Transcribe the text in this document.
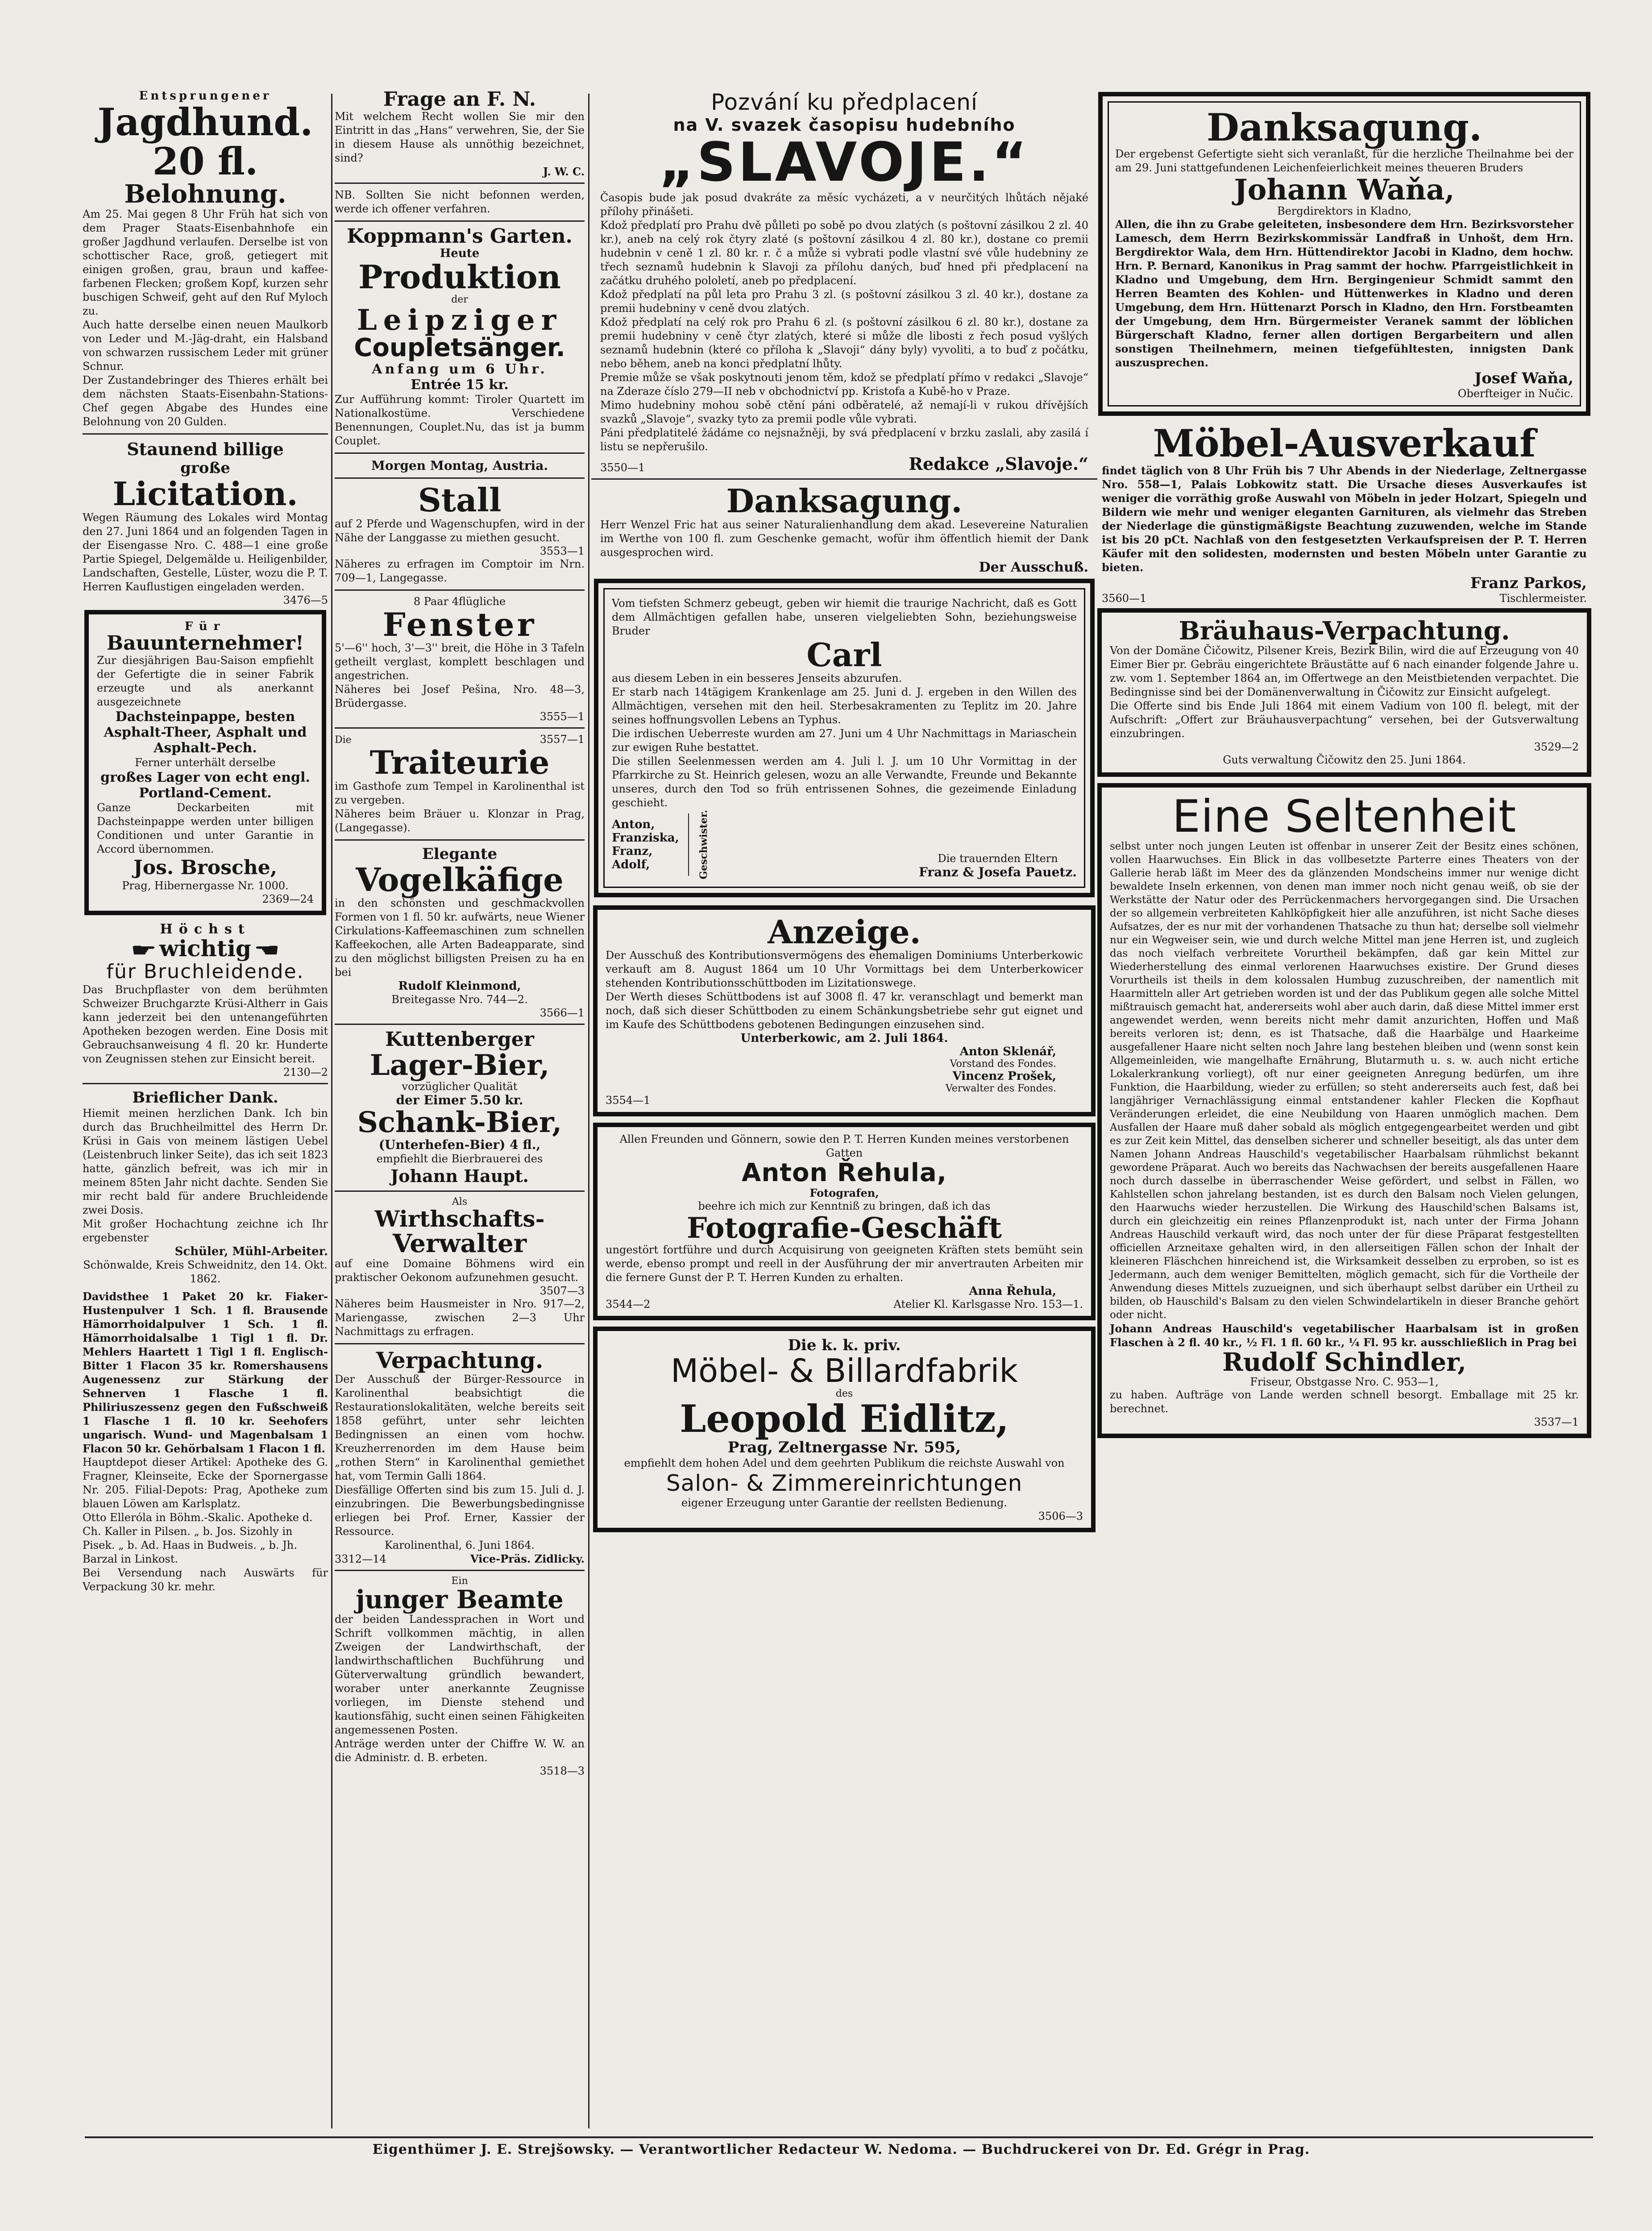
Entsprungener
Jagdhund.
20 fl.
Belohnung.
Am 25. Mai gegen 8 Uhr Früh hat sich von dem Prager Staats-Eisenbahnhofe ein großer Jagdhund verlaufen. Derselbe ist von schottischer Race, groß, getiegert mit einigen großen, grau, braun und kaffee-farbenen Flecken; großem Kopf, kurzen sehr buschigen Schweif, geht auf den Ruf Myloch zu.
Auch hatte derselbe einen neuen Maulkorb von Leder und M.-Jäg-draht, ein Halsband von schwarzen russischem Leder mit grüner Schnur.
Der Zustandebringer des Thieres erhält bei dem nächsten Staats-Eisenbahn-Stations-Chef gegen Abgabe des Hundes eine Belohnung von 20 Gulden.
Staunend billige
große
Licitation.
Wegen Räumung des Lokales wird Montag den 27. Juni 1864 und an folgenden Tagen in der Eisengasse Nro. C. 488—1 eine große Partie Spiegel, Delgemälde u. Heiligenbilder, Landschaften, Gestelle, Lüster, wozu die P. T. Herren Kauflustigen eingeladen werden.
3476—5
Für
Bauunternehmer!
Zur diesjährigen Bau-Saison empfiehlt der Gefertigte die in seiner Fabrik erzeugte und als anerkannt ausgezeichnete
Dachsteinpappe, besten Asphalt-Theer, Asphalt und Asphalt-Pech.
Ferner unterhält derselbe
großes Lager von echt engl. Portland-Cement.
Ganze Deckarbeiten mit Dachsteinpappe werden unter billigen Conditionen und unter Garantie in Accord übernommen.
Jos. Brosche,
Prag, Hibernergasse Nr. 1000.
2369—24
Höchst
☛ wichtig ☚
für Bruchleidende.
Das Bruchpflaster von dem berühmten Schweizer Bruchgarzte Krüsi-Altherr in Gais kann jederzeit bei den untenangeführten Apotheken bezogen werden. Eine Dosis mit Gebrauchsanweisung 4 fl. 20 kr. Hunderte von Zeugnissen stehen zur Einsicht bereit.
2130—2
Brieflicher Dank.
Hiemit meinen herzlichen Dank. Ich bin durch das Bruchheilmittel des Herrn Dr. Krüsi in Gais von meinem lästigen Uebel (Leistenbruch linker Seite), das ich seit 1823 hatte, gänzlich befreit, was ich mir in meinem 85ten Jahr nicht dachte. Senden Sie mir recht bald für andere Bruchleidende zwei Dosis.
Mit großer Hochachtung zeichne ich Ihr ergebenster
Schüler, Mühl-Arbeiter.
Schönwalde, Kreis Schweidnitz, den 14. Okt. 1862.
Davidsthee 1 Paket 20 kr. Fiaker-Hustenpulver 1 Sch. 1 fl. Brausende Hämorrhoidalpulver 1 Sch. 1 fl. Hämorrhoidalsalbe 1 Tigl 1 fl. Dr. Mehlers Haartett 1 Tigl 1 fl. Englisch-Bitter 1 Flacon 35 kr. Romershausens Augenessenz zur Stärkung der Sehnerven 1 Flasche 1 fl. Philiriuszessenz gegen den Fußschweiß 1 Flasche 1 fl. 10 kr. Seehofers ungarisch. Wund- und Magenbalsam 1 Flacon 50 kr. Gehörbalsam 1 Flacon 1 fl.
Hauptdepot dieser Artikel: Apotheke des G. Fragner, Kleinseite, Ecke der Spornergasse Nr. 205. Filial-Depots: Prag, Apotheke zum blauen Löwen am Karlsplatz.
Otto Elleróla in Böhm.-Skalic. Apotheke d. Ch. Kaller in Pilsen. „ b. Jos. Sizohly in Pisek. „ b. Ad. Haas in Budweis. „ b. Jh. Barzal in Linkost.
Bei Versendung nach Auswärts für Verpackung 30 kr. mehr.
Frage an F. N.
Mit welchem Recht wollen Sie mir den Eintritt in das „Hans“ verwehren, Sie, der Sie in diesem Hause als unnöthig bezeichnet, sind?
J. W. C.
NB. Sollten Sie nicht befonnen werden, werde ich offener verfahren.
Koppmann's Garten.
Heute
Produktion
der
Leipziger
Coupletsänger.
Anfang um 6 Uhr.
Entrée 15 kr.
Zur Aufführung kommt: Tiroler Quartett im Nationalkostüme. Verschiedene Benennungen, Couplet.Nu, das ist ja bumm Couplet.
Morgen Montag, Austria.
Stall
auf 2 Pferde und Wagenschupfen, wird in der Nähe der Langgasse zu miethen gesucht.
3553—1
Näheres zu erfragen im Comptoir im Nrn. 709—1, Langegasse.
8 Paar 4flügliche
Fenster
5'—6'' hoch, 3'—3'' breit, die Höhe in 3 Tafeln getheilt verglast, komplett beschlagen und angestrichen.
Näheres bei Josef Pešina, Nro. 48—3, Brüdergasse.
3555—1
Die	3557—1
Traiteurie
im Gasthofe zum Tempel in Karolinenthal ist zu vergeben.
Näheres beim Bräuer u. Klonzar in Prag, (Langegasse).
Elegante
Vogelkäfige
in den schönsten und geschmackvollen Formen von 1 fl. 50 kr. aufwärts, neue Wiener Cirkulations-Kaffeemaschinen zum schnellen Kaffeekochen, alle Arten Badeapparate, sind zu den möglichst billigsten Preisen zu ha en bei
Rudolf Kleinmond,
Breitegasse Nro. 744—2.
3566—1
Kuttenberger
Lager-Bier,
vorzüglicher Qualität
der Eimer 5.50 kr.
Schank-Bier,
(Unterhefen-Bier) 4 fl.,
empfiehlt die Bierbrauerei des
Johann Haupt.
Als
Wirthschafts-
Verwalter
auf eine Domaine Böhmens wird ein praktischer Oekonom aufzunehmen gesucht.
3507—3
Näheres beim Hausmeister in Nro. 917—2, Mariengasse, zwischen 2—3 Uhr Nachmittags zu erfragen.
Verpachtung.
Der Ausschuß der Bürger-Ressource in Karolinenthal beabsichtigt die Restaurationslokalitäten, welche bereits seit 1858 geführt, unter sehr leichten Bedingnissen an einen vom hochw. Kreuzherrenorden im dem Hause beim „rothen Stern“ in Karolinenthal gemiethet hat, vom Termin Galli 1864.
Diesfällige Offerten sind bis zum 15. Juli d. J. einzubringen. Die Bewerbungsbedingnisse erliegen bei Prof. Erner, Kassier der Ressource.
Karolinenthal, 6. Juni 1864.
3312—14	Vice-Präs. Zidlicky.
Ein
junger Beamte
der beiden Landessprachen in Wort und Schrift vollkommen mächtig, in allen Zweigen der Landwirthschaft, der landwirthschaftlichen Buchführung und Güterverwaltung gründlich bewandert, woraber unter anerkannte Zeugnisse vorliegen, im Dienste stehend und kautionsfähig, sucht einen seinen Fähigkeiten angemessenen Posten.
Anträge werden unter der Chiffre W. W. an die Administr. d. B. erbeten.
3518—3
Pozvání ku předplacení
na V. svazek časopisu hudebního
„SLAVOJE.“
Časopis bude jak posud dvakráte za měsíc vycházeti, a v neurčitých lhůtách nějaké přílohy přinášeti.
Kdož předplatí pro Prahu dvě půlleti po sobě po dvou zlatých (s poštovní zásilkou 2 zl. 40 kr.), aneb na celý rok čtyry zlaté (s poštovní zásilkou 4 zl. 80 kr.), dostane co premii hudebnin v ceně 1 zl. 80 kr. r. č a může si vybrati podle vlastní své vůle hudebniny ze třech seznamů hudebnin k Slavoji za přílohu daných, buď hned při předplacení na začátku druhého pololetí, aneb po předplacení.
Kdož předplatí na půl leta pro Prahu 3 zl. (s poštovní zásilkou 3 zl. 40 kr.), dostane za premii hudebniny v ceně dvou zlatých.
Kdož předplatí na celý rok pro Prahu 6 zl. (s poštovní zásilkou 6 zl. 80 kr.), dostane za premii hudebniny v ceně čtyr zlatých, které si může dle libosti z řech posud vyšlých seznamů hudebnin (které co příloha k „Slavoji“ dány byly) vyvoliti, a to buď z počátku, nebo během, aneb na konci předplatní lhůty.
Premie může se však poskytnouti jenom těm, kdož se předplatí přímo v redakci „Slavoje“ na Zderaze číslo 279—II neb v obchodnictví pp. Kristofa a Kubě-ho v Praze.
Mimo hudebniny mohou sobě ctění páni odběratelé, až nemají-li v rukou dřívějších svazků „Slavoje“, svazky tyto za premii podle vůle vybrati.
Páni předplatitelé žádáme co nejsnažněji, by svá předplacení v brzku zaslali, aby zasilá í listu se nepřerušilo.
3550—1	Redakce „Slavoje.“
Danksagung.
Herr Wenzel Fric hat aus seiner Naturalienhandlung dem akad. Lesevereine Naturalien im Werthe von 100 fl. zum Geschenke gemacht, wofür ihm öffentlich hiemit der Dank ausgesprochen wird.
Der Ausschuß.
Vom tiefsten Schmerz gebeugt, geben wir hiemit die traurige Nachricht, daß es Gott dem Allmächtigen gefallen habe, unseren vielgeliebten Sohn, beziehungsweise Bruder
Carl
aus diesem Leben in ein besseres Jenseits abzurufen.
Er starb nach 14tägigem Krankenlage am 25. Juni d. J. ergeben in den Willen des Allmächtigen, versehen mit den heil. Sterbesakramenten zu Teplitz im 20. Jahre seines hoffnungsvollen Lebens an Typhus.
Die irdischen Ueberreste wurden am 27. Juni um 4 Uhr Nachmittags in Mariaschein zur ewigen Ruhe bestattet.
Die stillen Seelenmessen werden am 4. Juli l. J. um 10 Uhr Vormittag in der Pfarrkirche zu St. Heinrich gelesen, wozu an alle Verwandte, Freunde und Bekannte unseres, durch den Tod so früh entrissenen Sohnes, die gezeimende Einladung geschieht.
Anton,
Franziska,
Franz,
Adolf,	Geschwister.	Die trauernden Eltern
Franz & Josefa Pauetz.
Anzeige.
Der Ausschuß des Kontributionsvermögens des ehemaligen Dominiums Unterberkowic verkauft am 8. August 1864 um 10 Uhr Vormittags bei dem Unterberkowicer stehenden Kontributionsschüttboden im Lizitationswege.
Der Werth dieses Schüttbodens ist auf 3008 fl. 47 kr. veranschlagt und bemerkt man noch, daß sich dieser Schüttboden zu einem Schänkungsbetriebe sehr gut eignet und im Kaufe des Schüttbodens gebotenen Bedingungen einzusehen sind.
Unterberkowic, am 2. Juli 1864.
Anton Sklenář,
Vorstand des Fondes.
Vincenz Prošek,
Verwalter des Fondes.
3554—1
Allen Freunden und Gönnern, sowie den P. T. Herren Kunden meines verstorbenen Gatten
Anton Řehula,
Fotografen,
beehre ich mich zur Kenntniß zu bringen, daß ich das
Fotografie-Geschäft
ungestört fortführe und durch Acquisirung von geeigneten Kräften stets bemüht sein werde, ebenso prompt und reell in der Ausführung der mir anvertrauten Arbeiten mir die fernere Gunst der P. T. Herren Kunden zu erhalten.
Anna Řehula,
3544—2	Atelier Kl. Karlsgasse Nro. 153—1.
Die k. k. priv.
Möbel- & Billardfabrik
des
Leopold Eidlitz,
Prag, Zeltnergasse Nr. 595,
empfiehlt dem hohen Adel und dem geehrten Publikum die reichste Auswahl von
Salon- & Zimmereinrichtungen
eigener Erzeugung unter Garantie der reellsten Bedienung.
3506—3
Danksagung.
Der ergebenst Gefertigte sieht sich veranlaßt, für die herzliche Theilnahme bei der am 29. Juni stattgefundenen Leichenfeierlichkeit meines theueren Bruders
Johann Waňa,
Bergdirektors in Kladno,
Allen, die ihn zu Grabe geleiteten, insbesondere dem Hrn. Bezirksvorsteher Lamesch, dem Herrn Bezirkskommissär Landfraß in Unhošt, dem Hrn. Bergdirektor Wala, dem Hrn. Hüttendirektor Jacobi in Kladno, dem hochw. Hrn. P. Bernard, Kanonikus in Prag sammt der hochw. Pfarrgeistlichkeit in Kladno und Umgebung, dem Hrn. Bergingenieur Schmidt sammt den Herren Beamten des Kohlen- und Hüttenwerkes in Kladno und deren Umgebung, dem Hrn. Hüttenarzt Porsch in Kladno, den Hrn. Forstbeamten der Umgebung, dem Hrn. Bürgermeister Veranek sammt der löblichen Bürgerschaft Kladno, ferner allen dortigen Bergarbeitern und allen sonstigen Theilnehmern, meinen tiefgefühltesten, innigsten Dank auszusprechen.
Josef Waňa,
Oberfteiger in Nučic.
Möbel-Ausverkauf
findet täglich von 8 Uhr Früh bis 7 Uhr Abends in der Niederlage, Zeltnergasse Nro. 558—1, Palais Lobkowitz statt. Die Ursache dieses Ausverkaufes ist weniger die vorräthig große Auswahl von Möbeln in jeder Holzart, Spiegeln und Bildern wie mehr und weniger eleganten Garnituren, als vielmehr das Streben der Niederlage die günstigmäßigste Beachtung zuzuwenden, welche im Stande ist bis 20 pCt. Nachlaß von den festgesetzten Verkaufspreisen der P. T. Herren Käufer mit den solidesten, modernsten und besten Möbeln unter Garantie zu bieten.
Franz Parkos,
3560—1	Tischlermeister.
Bräuhaus-Verpachtung.
Von der Domäne Čičowitz, Pilsener Kreis, Bezirk Bilin, wird die auf Erzeugung von 40 Eimer Bier pr. Gebräu eingerichtete Bräustätte auf 6 nach einander folgende Jahre u. zw. vom 1. September 1864 an, im Offertwege an den Meistbietenden verpachtet. Die Bedingnisse sind bei der Domänenverwaltung in Čičowitz zur Einsicht aufgelegt.
Die Offerte sind bis Ende Juli 1864 mit einem Vadium von 100 fl. belegt, mit der Aufschrift: „Offert zur Bräuhausverpachtung“ versehen, bei der Gutsverwaltung einzubringen.
3529—2
Guts verwaltung Čičowitz den 25. Juni 1864.
Eine Seltenheit
selbst unter noch jungen Leuten ist offenbar in unserer Zeit der Besitz eines schönen, vollen Haarwuchses. Ein Blick in das vollbesetzte Parterre eines Theaters von der Gallerie herab läßt im Meer des da glänzenden Mondscheins immer nur wenige dicht bewaldete Inseln erkennen, von denen man immer noch nicht genau weiß, ob sie der Werkstätte der Natur oder des Perrückenmachers hervorgegangen sind. Die Ursachen der so allgemein verbreiteten Kahlköpfigkeit hier alle anzuführen, ist nicht Sache dieses Aufsatzes, der es nur mit der vorhandenen Thatsache zu thun hat; derselbe soll vielmehr nur ein Wegweiser sein, wie und durch welche Mittel man jene Herren ist, und zugleich das noch vielfach verbreitete Vorurtheil bekämpfen, daß gar kein Mittel zur Wiederherstellung des einmal verlorenen Haarwuchses existire. Der Grund dieses Vorurtheils ist theils in dem kolossalen Humbug zuzuschreiben, der namentlich mit Haarmitteln aller Art getrieben worden ist und der das Publikum gegen alle solche Mittel mißtrauisch gemacht hat, andererseits wohl aber auch darin, daß diese Mittel immer erst angewendet werden, wenn bereits nicht mehr damit anzurichten, Hoffen und Maß bereits verloren ist; denn, es ist Thatsache, daß die Haarbälge und Haarkeime ausgefallener Haare nicht selten noch Jahre lang bestehen bleiben und (wenn sonst kein Allgemeinleiden, wie mangelhafte Ernährung, Blutarmuth u. s. w. auch nicht ertiche Lokalerkrankung vorliegt), oft nur einer geeigneten Anregung bedürfen, um ihre Funktion, die Haarbildung, wieder zu erfüllen; so steht andererseits auch fest, daß bei langjähriger Vernachlässigung einmal entstandener kahler Flecken die Kopfhaut Veränderungen erleidet, die eine Neubildung von Haaren unmöglich machen. Dem Ausfallen der Haare muß daher sobald als möglich entgegengearbeitet werden und gibt es zur Zeit kein Mittel, das denselben sicherer und schneller beseitigt, als das unter dem Namen Johann Andreas Hauschild's vegetabilischer Haarbalsam rühmlichst bekannt gewordene Präparat. Auch wo bereits das Nachwachsen der bereits ausgefallenen Haare noch durch dasselbe in überraschender Weise gefördert, und selbst in Fällen, wo Kahlstellen schon jahrelang bestanden, ist es durch den Balsam noch Vielen gelungen, den Haarwuchs wieder herzustellen. Die Wirkung des Hauschild'schen Balsams ist, durch ein gleichzeitig ein reines Pflanzenprodukt ist, nach unter der Firma Johann Andreas Hauschild verkauft wird, das noch unter der für diese Präparat festgestellten officiellen Arzneitaxe gehalten wird, in den allerseitigen Fällen schon der Inhalt der kleineren Fläschchen hinreichend ist, die Wirksamkeit desselben zu erproben, so ist es Jedermann, auch dem weniger Bemittelten, möglich gemacht, sich für die Vortheile der Anwendung dieses Mittels zuzueignen, und sich überhaupt selbst darüber ein Urtheil zu bilden, ob Hauschild's Balsam zu den vielen Schwindelartikeln in dieser Branche gehört oder nicht.
Johann Andreas Hauschild's vegetabilischer Haarbalsam ist in großen Flaschen à 2 fl. 40 kr., ½ Fl. 1 fl. 60 kr., ¼ Fl. 95 kr. ausschließlich in Prag bei
Rudolf Schindler,
Friseur, Obstgasse Nro. C. 953—1,
zu haben. Aufträge von Lande werden schnell besorgt. Emballage mit 25 kr. berechnet.
3537—1
Eigenthümer J. E. Strejšowsky. — Verantwortlicher Redacteur W. Nedoma. — Buchdruckerei von Dr. Ed. Grégr in Prag.
